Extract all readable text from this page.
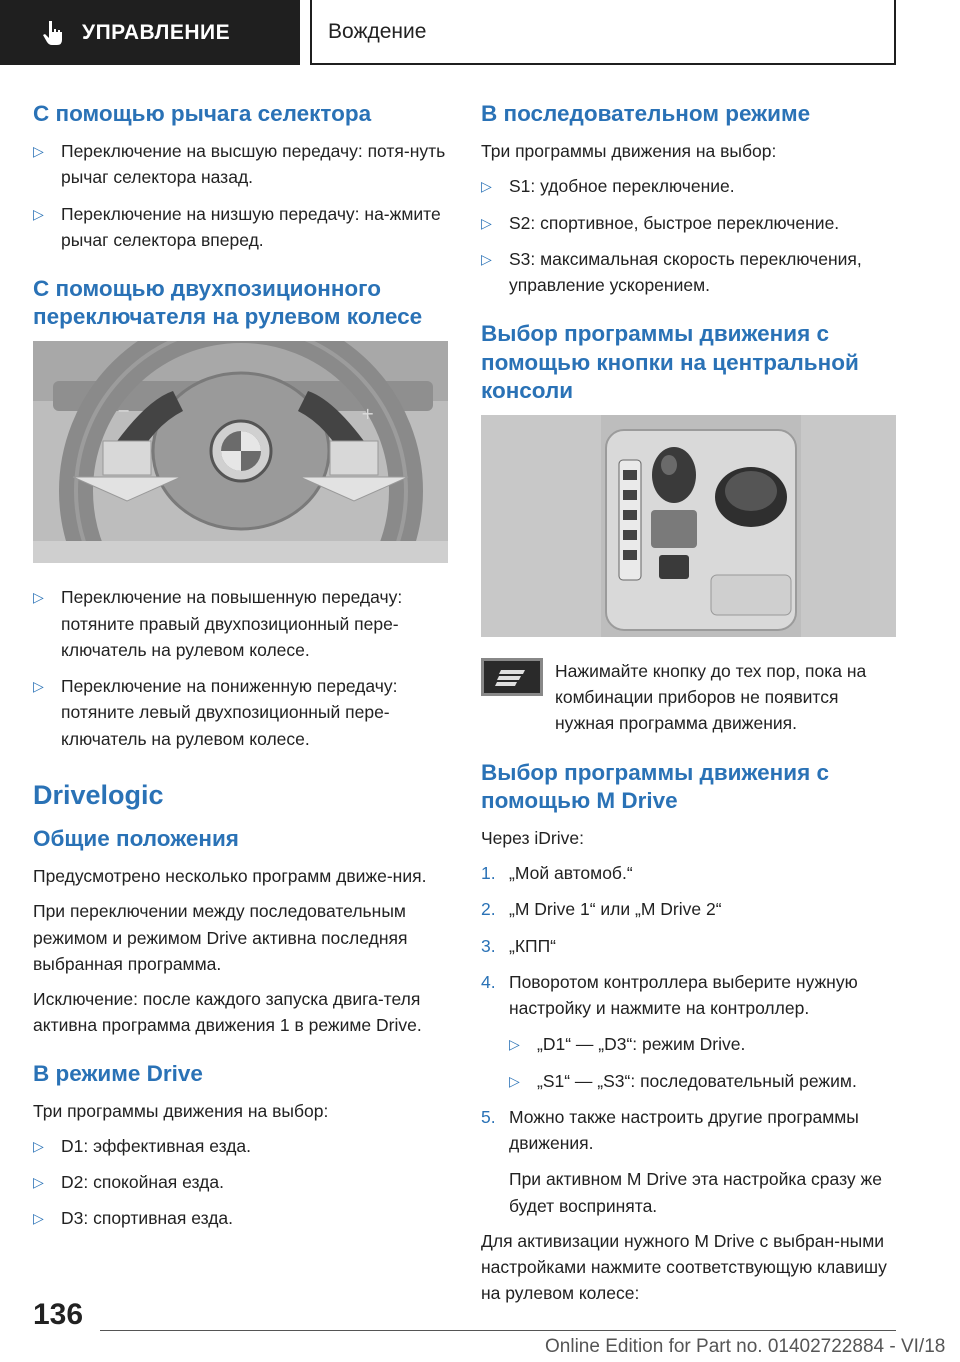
УПРАВЛЕНИЕ	Вождение
С помощью рычага селектора
▷ Переключение на высшую передачу: потя-нуть рычаг селектора назад.
▷ Переключение на низшую передачу: на-жмите рычаг селектора вперед.
С помощью двухпозиционного переключателя на рулевом колесе
−	+
▷ Переключение на повышенную передачу: потяните правый двухпозиционный пере-ключатель на рулевом колесе.
▷ Переключение на пониженную передачу: потяните левый двухпозиционный пере-ключатель на рулевом колесе.
Drivelogic
Общие положения

Предусмотрено несколько программ движе-ния.

При переключении между последовательным режимом и режимом Drive активна последняя выбранная программа.

Исключение: после каждого запуска двига-теля активна программа движения 1 в режиме Drive.

В режиме Drive

Три программы движения на выбор:

▷ D1: эффективная езда.
▷ D2: спокойная езда.
▷ D3: спортивная езда.
В последовательном режиме

Три программы движения на выбор:

▷ S1: удобное переключение.
▷ S2: спортивное, быстрое переключение.
▷ S3: максимальная скорость переключения, управление ускорением.
Выбор программы движения с помощью кнопки на центральной консоли

Нажимайте кнопку до тех пор, пока на комбинации приборов не появится нужная программа движения.

Выбор программы движения с помощью M Drive

Через iDrive:

1. „Мой автомоб.“
2. „M Drive 1“ или „M Drive 2“
3. „КПП“
4. Поворотом контроллера выберите нужную настройку и нажмите на контроллер.
▷ „D1“ — „D3“: режим Drive.
▷ „S1“ — „S3“: последовательный режим.
5. Можно также настроить другие программы движения.

При активном M Drive эта настройка сразу же будет воспринята.

Для активизации нужного M Drive с выбран-ными настройками нажмите соответствующую клавишу на рулевом колесе:

136
Online Edition for Part no. 01402722884 - VI/18
